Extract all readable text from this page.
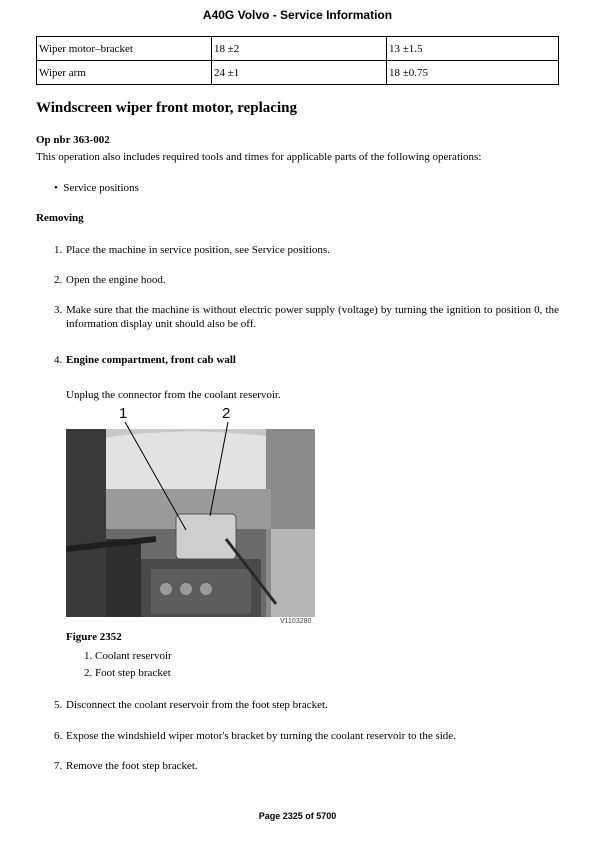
A40G Volvo - Service Information
Wiper motor–bracket	18 ±2	13 ±1.5
Wiper arm	24 ±1	18 ±0.75
Windscreen wiper front motor, replacing
Op nbr 363-002
This operation also includes required tools and times for applicable parts of the following operations:
•  Service positions
Removing
1. Place the machine in service position, see Service positions.
2. Open the engine hood.
3. Make sure that the machine is without electric power supply (voltage) by turning the ignition to position 0, the information display unit should also be off.
4. Engine compartment, front cab wall
Unplug the connector from the coolant reservoir.
1	2
V1103280
Figure 2352
1. Coolant reservoir
2. Foot step bracket
5. Disconnect the coolant reservoir from the foot step bracket.
6. Expose the windshield wiper motor's bracket by turning the coolant reservoir to the side.
7. Remove the foot step bracket.
Page 2325 of 5700
